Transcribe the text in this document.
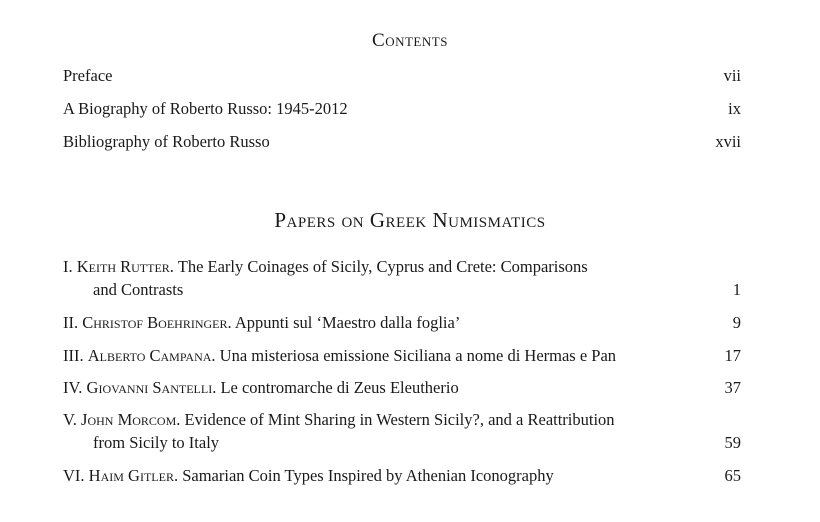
Contents
Preface	vii
A Biography of Roberto Russo: 1945-2012	ix
Bibliography of Roberto Russo	xvii
Papers on Greek Numismatics
I. Keith Rutter. The Early Coinages of Sicily, Cyprus and Crete: Comparisons
and Contrasts	1
II. Christof Boehringer. Appunti sul ‘Maestro dalla foglia’	9
III. Alberto Campana. Una misteriosa emissione Siciliana a nome di Hermas e Pan	17
IV. Giovanni Santelli. Le contromarche di Zeus Eleutherio	37
V. John Morcom. Evidence of Mint Sharing in Western Sicily?, and a Reattribution
from Sicily to Italy	59
VI. Haim Gitler. Samarian Coin Types Inspired by Athenian Iconography	65
